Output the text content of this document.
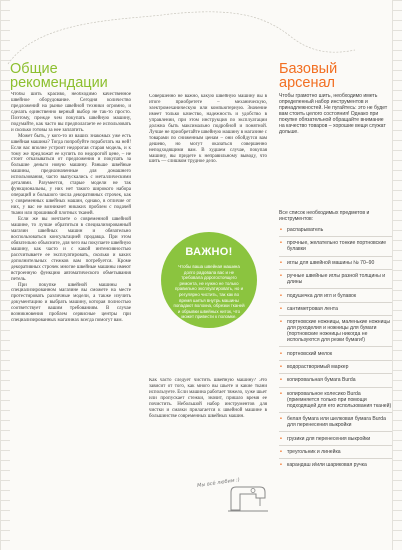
Общие
рекомендации

Чтобы шить красиво, необходимо качественное швейное оборудование. Сегодня количество предложений на рынке швейной техники огромно, и сделать единственно верный выбор не так-то просто. Поэтому, прежде чем покупать швейную машину, подумайте, как часто вы предполагаете ее использовать и сколько готовы за нее заплатить.

Может быть, у кого-то из ваших знакомых уже есть швейная машина? Тогда попробуйте поработать на ней! Если вас вполне устроит недорогая старая модель, и к тому же предложат ее купить по недорогой цене, – не стоит отказываться от предложения и покупать за большие деньги новую машину. Раньше швейные машины, предназначенные для домашнего использования, часто выпускались с металлическими деталями. Разумеется, старые модели не так функциональны, у них нет такого широкого набора операций и большого числа декоративных строчек, как у современных швейных машин, однако, в отличие от них, у вас не возникнет никаких проблем с подачей ткани или прошивкой плотных тканей.

Если же вы мечтаете о современной швейной машине, то лучше обратиться в специализированный магазин швейных машин и обязательно воспользоваться консультацией продавца. При этом обязательно объясните, для чего вы покупаете швейную машину, как часто и с какой интенсивностью рассчитываете ее эксплуатировать, сколько и каких дополнительных стежков вам потребуется. Кроме декоративных строчек многие швейные машины имеют встроенную функцию автоматического обметывания петель.

При покупке швейной машины в специализированном магазине вы сможете на месте протестировать различные модели, а также изучить документацию и выбрать машину, которая полностью соответствует вашим требованиям. В случае возникновения проблем сервисные центры при специализированных магазинах всегда помогут вам.

Совершенно не важно, какую швейную машину вы в итоге приобретете – механическую, электромеханическую или компьютерную. Значение имеет только качество, надежность и удобство в управлении, при этом инструкция по эксплуатации должна быть максимально подробной и понятной. Лучше не приобретайте швейную машину в магазине с товарами по сниженным ценам – они обойдутся вам дешево, но могут оказаться совершенно неподходящими вам. В худшем случае, покупая машину, вы придете к неправильному выводу, что шить — слишком трудное дело.

ВАЖНО!
Чтобы ваша швейная машина долго радовала вас и не требовала дорогостоящего ремонта, не нужно не только правильно эксплуатировать, но и регулярно чистить, так как во время шитья внутрь машины попадают волокна, обрезки тканей и обрывки швейных ниток, что может привести к поломке.

Как часто следует чистить швейную машину? Это зависит от того, как много вы шьете и какие ткани используете. Если машина работает тяжело, хуже шьет или пропускает стежки, значит, пришло время ее почистить. Небольшой набор инструментов для чистки и смазки прилагается к швейной машине в большинстве современных швейных машин.

Мы всё любим :)
Базовый
арсенал
Чтобы грамотно шить, необходимо иметь определенный набор инструментов и принадлежностей. Не пугайтесь: это не будет вам стоить целого состояния! Однако при покупке обязательной обращайте внимание на качество товаров – хорошие вещи служат дольше.
Все список необходимых предметов и инструментов:
• распарыватель
• прочные, желательно тонкие портновские булавки
• иглы для швейной машины № 70–90
• ручные швейные иглы разной толщины и длины
• подушечка для игл и булавок
• сантиметровая лента
• портновские ножницы, маленькие ножницы для рукоделия и ножницы для бумаги (портновские ножницы никогда не используются для резки бумаги!)
• портновский мелок
• водорастворимый маркер
• копировальная бумага Burda
• копировальное колесико Burda (приемняется только при помощи подходящей для его использования тканей)
• белая бумага или шелковая бумага Burda для перенесения выкройки
• грузики для перенесения выкройки
• треугольник и линейка
• карандаш и/или шариковая ручка
